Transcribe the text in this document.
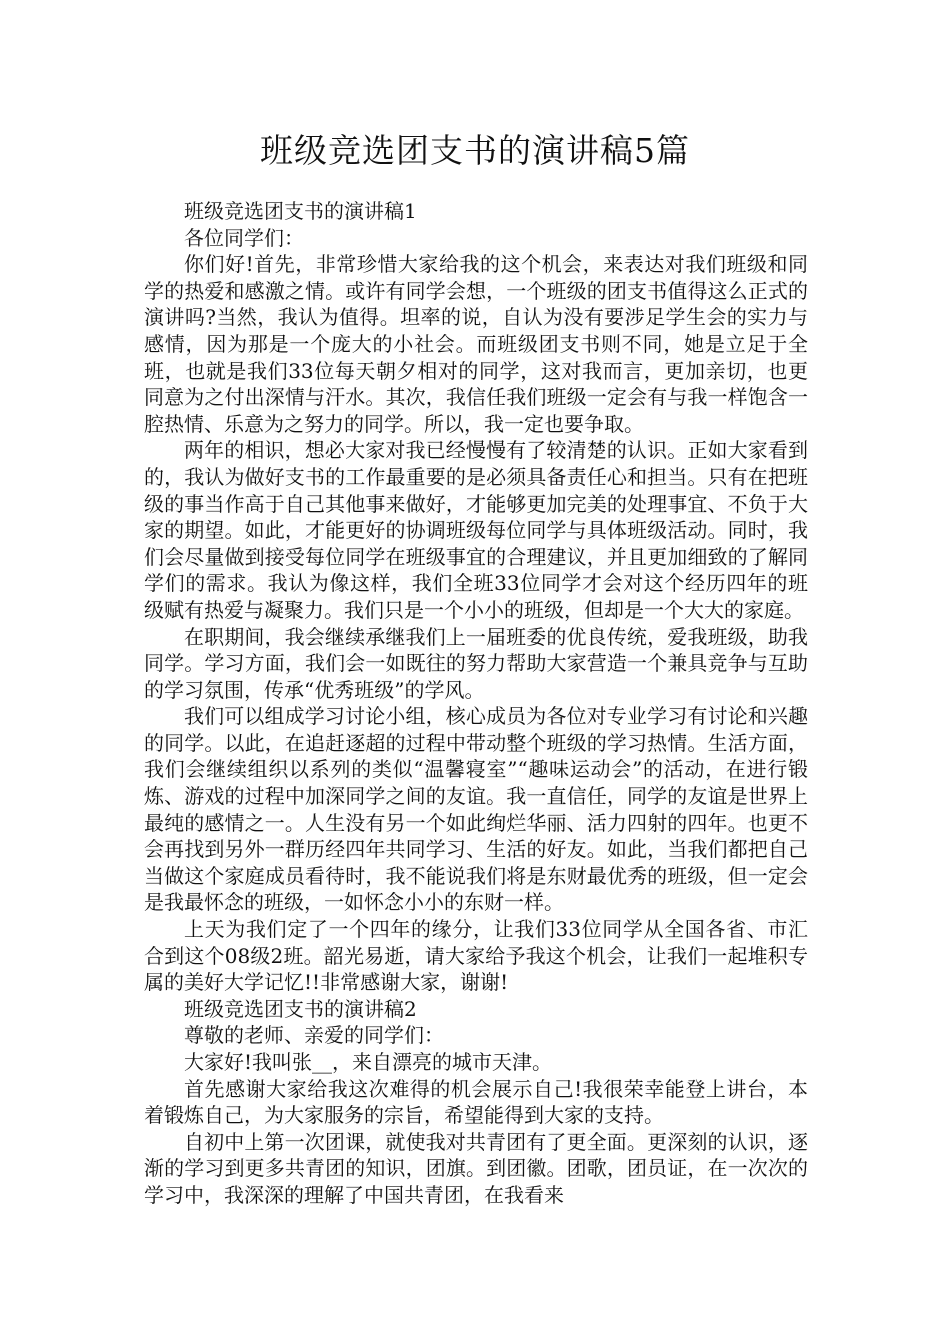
班级竞选团支书的演讲稿5篇

班级竞选团支书的演讲稿1

各位同学们：

你们好!首先，非常珍惜大家给我的这个机会，来表达对我们班级和同学的热爱和感激之情。或许有同学会想，一个班级的团支书值得这么正式的演讲吗?当然，我认为值得。坦率的说，自认为没有要涉足学生会的实力与感情，因为那是一个庞大的小社会。而班级团支书则不同，她是立足于全班，也就是我们33位每天朝夕相对的同学，这对我而言，更加亲切，也更同意为之付出深情与汗水。其次，我信任我们班级一定会有与我一样饱含一腔热情、乐意为之努力的同学。所以，我一定也要争取。

两年的相识，想必大家对我已经慢慢有了较清楚的认识。正如大家看到的，我认为做好支书的工作最重要的是必须具备责任心和担当。只有在把班级的事当作高于自己其他事来做好，才能够更加完美的处理事宜、不负于大家的期望。如此，才能更好的协调班级每位同学与具体班级活动。同时，我们会尽量做到接受每位同学在班级事宜的合理建议，并且更加细致的了解同学们的需求。我认为像这样，我们全班33位同学才会对这个经历四年的班级赋有热爱与凝聚力。我们只是一个小小的班级，但却是一个大大的家庭。

在职期间，我会继续承继我们上一届班委的优良传统，爱我班级，助我同学。学习方面，我们会一如既往的努力帮助大家营造一个兼具竞争与互助的学习氛围，传承“优秀班级”的学风。

我们可以组成学习讨论小组，核心成员为各位对专业学习有讨论和兴趣的同学。以此，在追赶逐超的过程中带动整个班级的学习热情。生活方面，我们会继续组织以系列的类似“温馨寝室”“趣味运动会”的活动，在进行锻炼、游戏的过程中加深同学之间的友谊。我一直信任，同学的友谊是世界上最纯的感情之一。人生没有另一个如此绚烂华丽、活力四射的四年。也更不会再找到另外一群历经四年共同学习、生活的好友。如此，当我们都把自己当做这个家庭成员看待时，我不能说我们将是东财最优秀的班级，但一定会是我最怀念的班级，一如怀念小小的东财一样。

上天为我们定了一个四年的缘分，让我们33位同学从全国各省、市汇合到这个08级2班。韶光易逝，请大家给予我这个机会，让我们一起堆积专属的美好大学记忆!!非常感谢大家，谢谢!

班级竞选团支书的演讲稿2

尊敬的老师、亲爱的同学们：

大家好!我叫张__，来自漂亮的城市天津。

首先感谢大家给我这次难得的机会展示自己!我很荣幸能登上讲台，本着锻炼自己，为大家服务的宗旨，希望能得到大家的支持。

自初中上第一次团课，就使我对共青团有了更全面。更深刻的认识，逐渐的学习到更多共青团的知识，团旗。到团徽。团歌，团员证，在一次次的学习中，我深深的理解了中国共青团，在我看来
